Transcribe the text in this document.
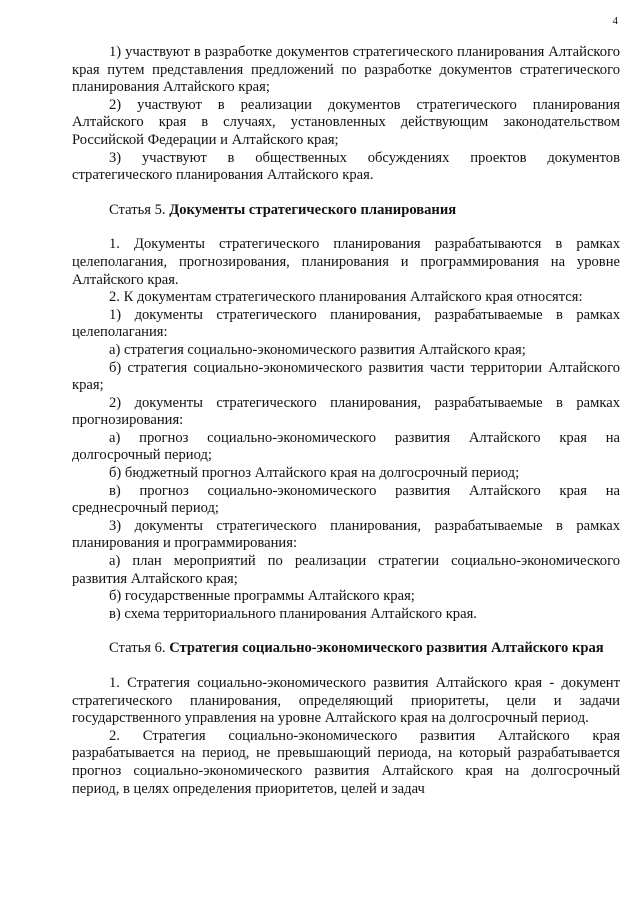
4

1) участвуют в разработке документов стратегического планирования Алтайского края путем представления предложений по разработке документов стратегического планирования Алтайского края;

2) участвуют в реализации документов стратегического планирования Алтайского края в случаях, установленных действующим законодательством Российской Федерации и Алтайского края;

3) участвуют в общественных обсуждениях проектов документов стратегического планирования Алтайского края.

Статья 5. Документы стратегического планирования

1. Документы стратегического планирования разрабатываются в рамках целеполагания, прогнозирования, планирования и программирования на уровне Алтайского края.

2. К документам стратегического планирования Алтайского края относятся:

1) документы стратегического планирования, разрабатываемые в рамках целеполагания:

а) стратегия социально-экономического развития Алтайского края;

б) стратегия социально-экономического развития части территории Алтайского края;

2) документы стратегического планирования, разрабатываемые в рамках прогнозирования:

а) прогноз социально-экономического развития Алтайского края на долгосрочный период;

б) бюджетный прогноз Алтайского края на долгосрочный период;

в) прогноз социально-экономического развития Алтайского края на среднесрочный период;

3) документы стратегического планирования, разрабатываемые в рамках планирования и программирования:

а) план мероприятий по реализации стратегии социально-экономического развития Алтайского края;

б) государственные программы Алтайского края;

в) схема территориального планирования Алтайского края.

Статья 6. Стратегия социально-экономического развития Алтайского края

1. Стратегия социально-экономического развития Алтайского края - документ стратегического планирования, определяющий приоритеты, цели и задачи государственного управления на уровне Алтайского края на долгосрочный период.

2. Стратегия социально-экономического развития Алтайского края разрабатывается на период, не превышающий периода, на который разрабатывается прогноз социально-экономического развития Алтайского края на долгосрочный период, в целях определения приоритетов, целей и задач
